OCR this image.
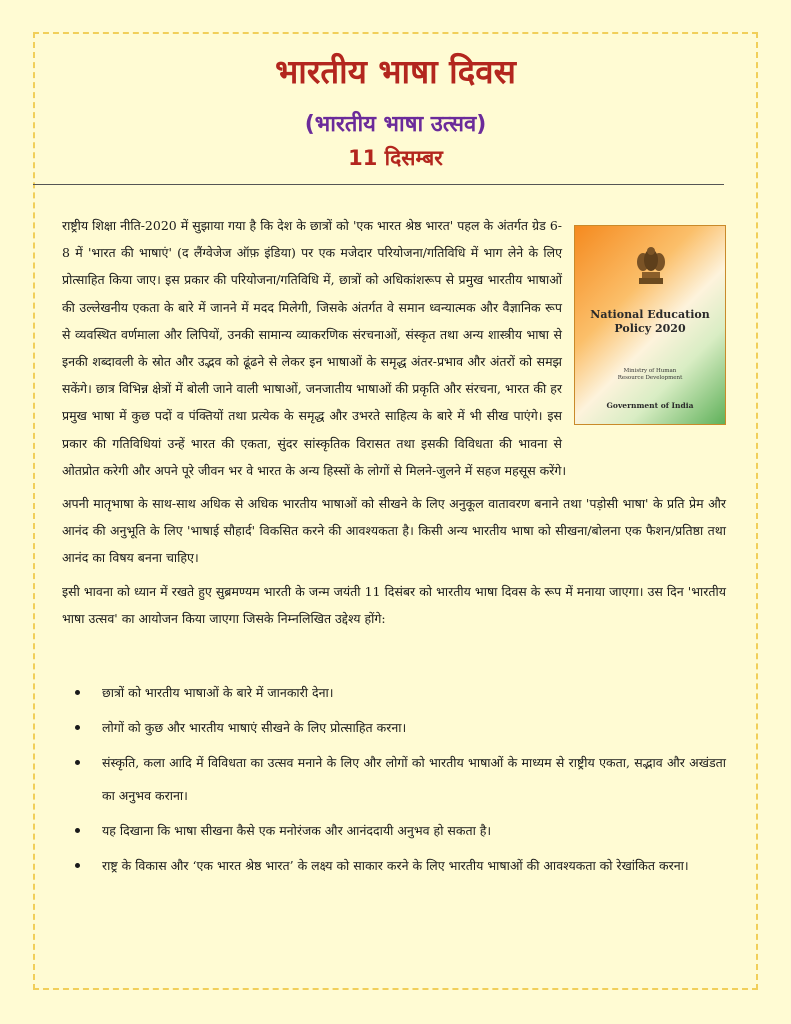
भारतीय भाषा दिवस
(भारतीय भाषा उत्सव)
11 दिसम्बर
National Education
Policy 2020
Ministry of Human
Resource Development
Government of India

राष्ट्रीय शिक्षा नीति-2020 में सुझाया गया है कि देश के छात्रों को 'एक भारत श्रेष्ठ भारत' पहल के अंतर्गत ग्रेड 6-8 में 'भारत की भाषाएं' (द लैंग्वेजेज ऑफ़ इंडिया) पर एक मजेदार परियोजना/गतिविधि में भाग लेने के लिए प्रोत्साहित किया जाए। इस प्रकार की परियोजना/गतिविधि में, छात्रों को अधिकांशरूप से प्रमुख भारतीय भाषाओं की उल्लेखनीय एकता के बारे में जानने में मदद मिलेगी, जिसके अंतर्गत वे समान ध्वन्यात्मक और वैज्ञानिक रूप से व्यवस्थित वर्णमाला और लिपियों, उनकी सामान्य व्याकरणिक संरचनाओं, संस्कृत तथा अन्य शास्त्रीय भाषा से इनकी शब्दावली के स्रोत और उद्भव को ढूंढने से लेकर इन भाषाओं के समृद्ध अंतर-प्रभाव और अंतरों को समझ सकेंगे। छात्र विभिन्न क्षेत्रों में बोली जाने वाली भाषाओं, जनजातीय भाषाओं की प्रकृति और संरचना, भारत की हर प्रमुख भाषा में कुछ पदों व पंक्तियों तथा प्रत्येक के समृद्ध और उभरते साहित्य के बारे में भी सीख पाएंगे। इस प्रकार की गतिविधियां उन्हें भारत की एकता, सुंदर सांस्कृतिक विरासत तथा इसकी विविधता की भावना से ओतप्रोत करेगी और अपने पूरे जीवन भर वे भारत के अन्य हिस्सों के लोगों से मिलने-जुलने में सहज महसूस करेंगे।

अपनी मातृभाषा के साथ-साथ अधिक से अधिक भारतीय भाषाओं को सीखने के लिए अनुकूल वातावरण बनाने तथा 'पड़ोसी भाषा' के प्रति प्रेम और आनंद की अनुभूति के लिए 'भाषाई सौहार्द' विकसित करने की आवश्यकता है। किसी अन्य भारतीय भाषा को सीखना/बोलना एक फैशन/प्रतिष्ठा तथा आनंद का विषय बनना चाहिए।

इसी भावना को ध्यान में रखते हुए सुब्रमण्यम भारती के जन्म जयंती 11 दिसंबर को भारतीय भाषा दिवस के रूप में मनाया जाएगा। उस दिन 'भारतीय भाषा उत्सव' का आयोजन किया जाएगा जिसके निम्नलिखित उद्देश्य होंगे:

छात्रों को भारतीय भाषाओं के बारे में जानकारी देना।
लोगों को कुछ और भारतीय भाषाएं सीखने के लिए प्रोत्साहित करना।
संस्कृति, कला आदि में विविधता का उत्सव मनाने के लिए और लोगों को भारतीय भाषाओं के माध्यम से राष्ट्रीय एकता, सद्भाव और अखंडता का अनुभव कराना।
यह दिखाना कि भाषा सीखना कैसे एक मनोरंजक और आनंददायी अनुभव हो सकता है।
राष्ट्र के विकास और ‘एक भारत श्रेष्ठ भारत’ के लक्ष्य को साकार करने के लिए भारतीय भाषाओं की आवश्यकता को रेखांकित करना।
